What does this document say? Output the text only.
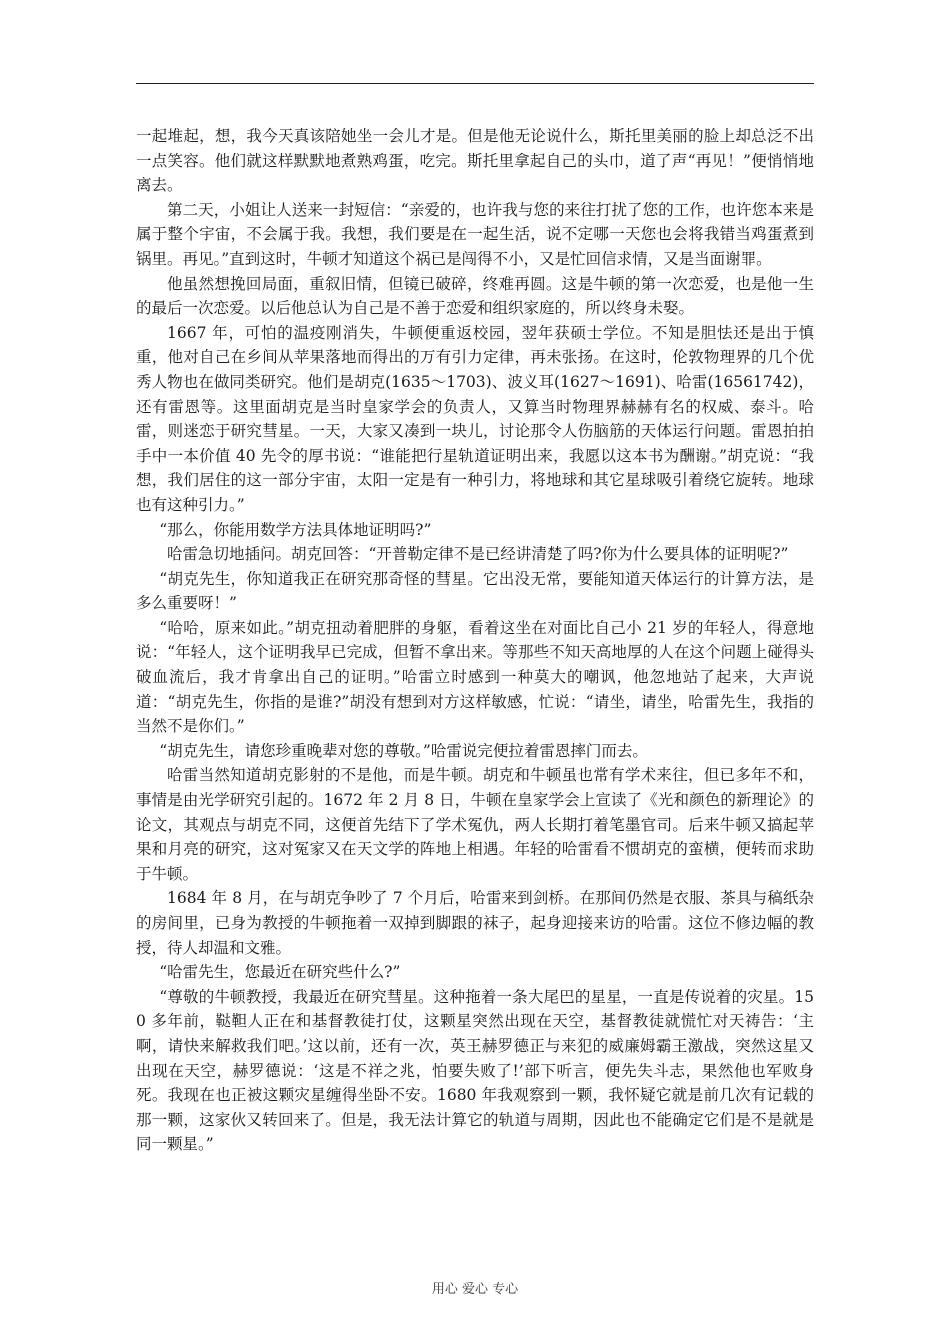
一起堆起，想，我今天真该陪她坐一会儿才是。但是他无论说什么，斯托里美丽的脸上却总泛不出一点笑容。他们就这样默默地煮熟鸡蛋，吃完。斯托里拿起自己的头巾，道了声“再见！”便悄悄地离去。

第二天，小姐让人送来一封短信：“亲爱的，也许我与您的来往打扰了您的工作，也许您本来是属于整个宇宙，不会属于我。我想，我们要是在一起生活，说不定哪一天您也会将我错当鸡蛋煮到锅里。再见。”直到这时，牛顿才知道这个祸已是闯得不小，又是忙回信求情，又是当面谢罪。

他虽然想挽回局面，重叙旧情，但镜已破碎，终难再圆。这是牛顿的第一次恋爱，也是他一生的最后一次恋爱。以后他总认为自己是不善于恋爱和组织家庭的，所以终身未娶。

1667 年，可怕的温疫刚消失，牛顿便重返校园，翌年获硕士学位。不知是胆怯还是出于慎重，他对自己在乡间从苹果落地而得出的万有引力定律，再未张扬。在这时，伦敦物理界的几个优秀人物也在做同类研究。他们是胡克(1635～1703)、波义耳(1627～1691)、哈雷(16561742)，还有雷恩等。这里面胡克是当时皇家学会的负责人，又算当时物理界赫赫有名的权威、泰斗。哈雷，则迷恋于研究彗星。一天，大家又凑到一块儿，讨论那令人伤脑筋的天体运行问题。雷恩拍拍手中一本价值 40 先令的厚书说：“谁能把行星轨道证明出来，我愿以这本书为酬谢。”胡克说：“我想，我们居住的这一部分宇宙，太阳一定是有一种引力，将地球和其它星球吸引着绕它旋转。地球也有这种引力。”

“那么，你能用数学方法具体地证明吗?”

哈雷急切地插问。胡克回答：“开普勒定律不是已经讲清楚了吗?你为什么要具体的证明呢?”

“胡克先生，你知道我正在研究那奇怪的彗星。它出没无常，要能知道天体运行的计算方法，是多么重要呀！”

“哈哈，原来如此。”胡克扭动着肥胖的身躯，看着这坐在对面比自己小 21 岁的年轻人，得意地说：“年轻人，这个证明我早已完成，但暂不拿出来。等那些不知天高地厚的人在这个问题上碰得头破血流后，我才肯拿出自己的证明。”哈雷立时感到一种莫大的嘲讽，他忽地站了起来，大声说道：“胡克先生，你指的是谁?”胡没有想到对方这样敏感，忙说：“请坐，请坐，哈雷先生，我指的当然不是你们。”

“胡克先生，请您珍重晚辈对您的尊敬。”哈雷说完便拉着雷恩摔门而去。

哈雷当然知道胡克影射的不是他，而是牛顿。胡克和牛顿虽也常有学术来往，但已多年不和，事情是由光学研究引起的。1672 年 2 月 8 日，牛顿在皇家学会上宣读了《光和颜色的新理论》的论文，其观点与胡克不同，这便首先结下了学术冤仇，两人长期打着笔墨官司。后来牛顿又搞起苹果和月亮的研究，这对冤家又在天文学的阵地上相遇。年轻的哈雷看不惯胡克的蛮横，便转而求助于牛顿。

1684 年 8 月，在与胡克争吵了 7 个月后，哈雷来到剑桥。在那间仍然是衣服、茶具与稿纸杂的房间里，已身为教授的牛顿拖着一双掉到脚跟的袜子，起身迎接来访的哈雷。这位不修边幅的教授，待人却温和文雅。

“哈雷先生，您最近在研究些什么?”

“尊敬的牛顿教授，我最近在研究彗星。这种拖着一条大尾巴的星星，一直是传说着的灾星。150 多年前，鞑靼人正在和基督教徒打仗，这颗星突然出现在天空，基督教徒就慌忙对天祷告：‘主啊，请快来解救我们吧。’这以前，还有一次，英王赫罗德正与来犯的威廉姆霸王激战，突然这星又出现在天空，赫罗德说：‘这是不祥之兆，怕要失败了!’部下听言，便先失斗志，果然他也军败身死。我现在也正被这颗灾星缠得坐卧不安。1680 年我观察到一颗，我怀疑它就是前几次有记载的那一颗，这家伙又转回来了。但是，我无法计算它的轨道与周期，因此也不能确定它们是不是就是同一颗星。”

用心 爱心 专心
